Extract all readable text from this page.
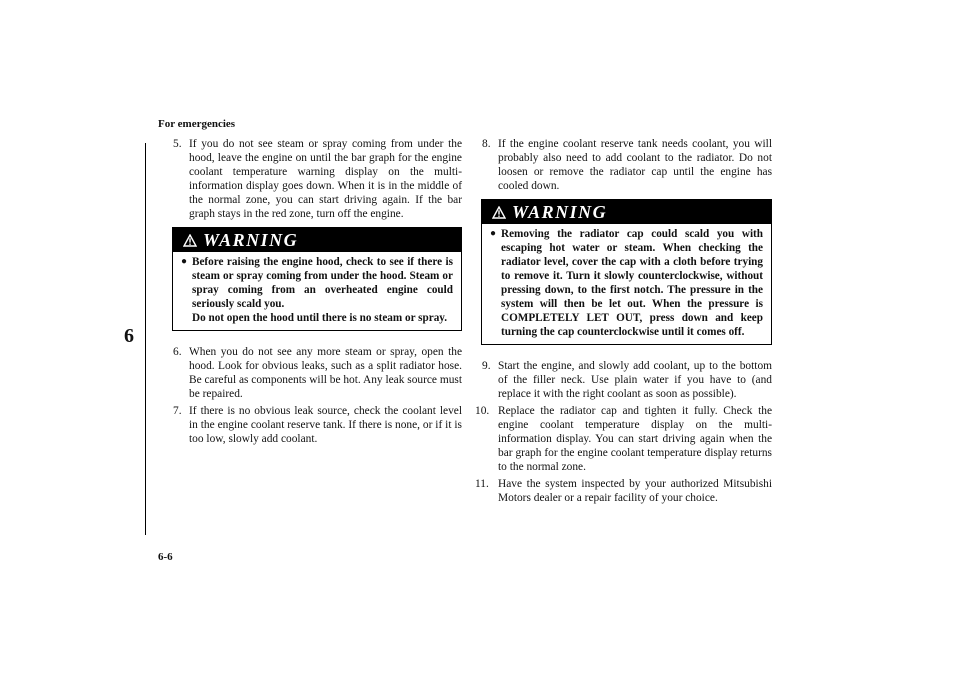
For emergencies
6
6-6
5. If you do not see steam or spray coming from under the hood, leave the engine on until the bar graph for the engine coolant temperature warning display on the multi-information display goes down. When it is in the middle of the normal zone, you can start driving again. If the bar graph stays in the red zone, turn off the engine.
WARNING
● Before raising the engine hood, check to see if there is steam or spray coming from under the hood. Steam or spray coming from an overheated engine could seriously scald you.
Do not open the hood until there is no steam or spray.
6. When you do not see any more steam or spray, open the hood. Look for obvious leaks, such as a split radiator hose. Be careful as components will be hot. Any leak source must be repaired.
7. If there is no obvious leak source, check the coolant level in the engine coolant reserve tank. If there is none, or if it is too low, slowly add coolant.
8. If the engine coolant reserve tank needs coolant, you will probably also need to add coolant to the radiator. Do not loosen or remove the radiator cap until the engine has cooled down.
WARNING
● Removing the radiator cap could scald you with escaping hot water or steam. When checking the radiator level, cover the cap with a cloth before trying to remove it. Turn it slowly counterclockwise, without pressing down, to the first notch. The pressure in the system will then be let out. When the pressure is COMPLETELY LET OUT, press down and keep turning the cap counterclockwise until it comes off.
9. Start the engine, and slowly add coolant, up to the bottom of the filler neck. Use plain water if you have to (and replace it with the right coolant as soon as possible).
10. Replace the radiator cap and tighten it fully. Check the engine coolant temperature display on the multi-information display. You can start driving again when the bar graph for the engine coolant temperature display returns to the normal zone.
11. Have the system inspected by your authorized Mitsubishi Motors dealer or a repair facility of your choice.
